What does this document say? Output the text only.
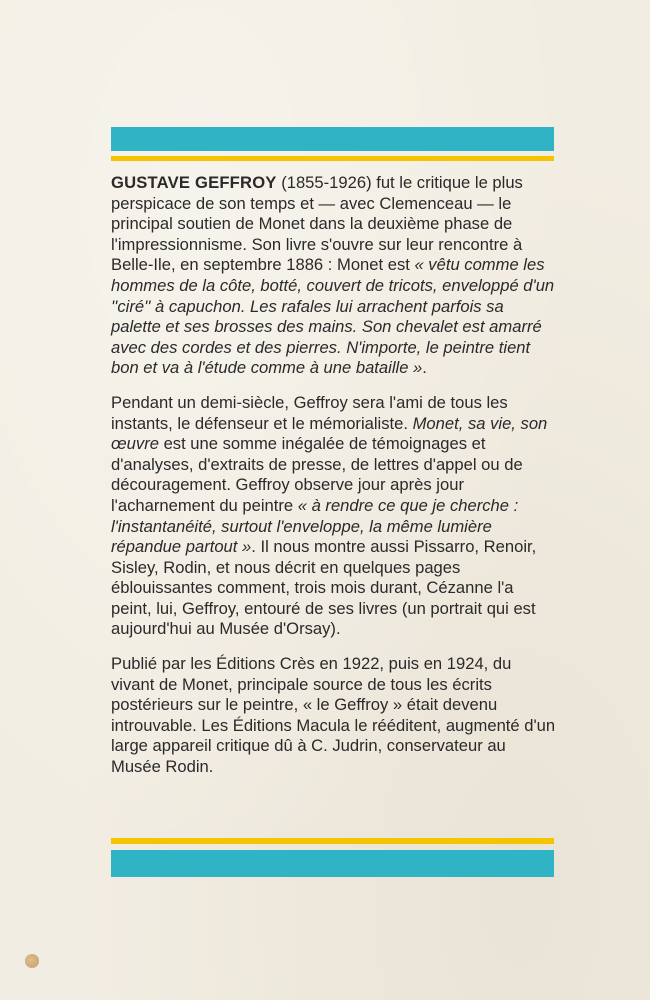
GUSTAVE GEFFROY (1855-1926) fut le critique le plus perspicace de son temps et — avec Clemenceau — le principal soutien de Monet dans la deuxième phase de l'impressionnisme. Son livre s'ouvre sur leur rencontre à Belle-Ile, en septembre 1886 : Monet est « vêtu comme les hommes de la côte, botté, couvert de tricots, enveloppé d'un ''ciré'' à capuchon. Les rafales lui arrachent parfois sa palette et ses brosses des mains. Son chevalet est amarré avec des cordes et des pierres. N'importe, le peintre tient bon et va à l'étude comme à une bataille ».

Pendant un demi-siècle, Geffroy sera l'ami de tous les instants, le défenseur et le mémorialiste. Monet, sa vie, son œuvre est une somme inégalée de témoignages et d'analyses, d'extraits de presse, de lettres d'appel ou de découragement. Geffroy observe jour après jour l'acharnement du peintre « à rendre ce que je cherche : l'instantanéité, surtout l'enveloppe, la même lumière répandue partout ». Il nous montre aussi Pissarro, Renoir, Sisley, Rodin, et nous décrit en quelques pages éblouissantes comment, trois mois durant, Cézanne l'a peint, lui, Geffroy, entouré de ses livres (un portrait qui est aujourd'hui au Musée d'Orsay).

Publié par les Éditions Crès en 1922, puis en 1924, du vivant de Monet, principale source de tous les écrits postérieurs sur le peintre, « le Geffroy » était devenu introuvable. Les Éditions Macula le rééditent, augmenté d'un large appareil critique dû à C. Judrin, conservateur au Musée Rodin.
